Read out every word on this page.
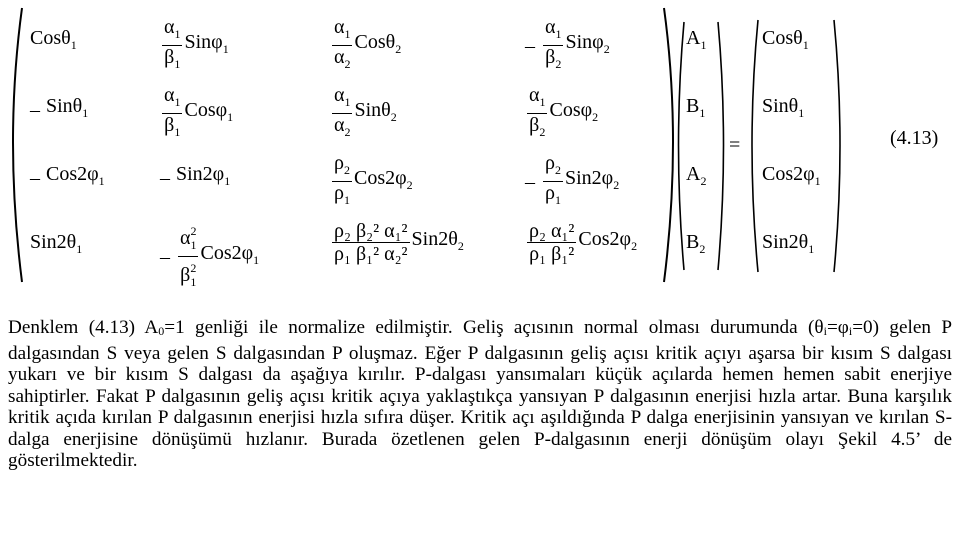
Cosθ$_1$	$\frac{\alpha_1}{\beta_1} Sin\varphi_1$	$\frac{\alpha_1}{\alpha_2} Cos\theta_2$	– $\frac{\alpha_1}{\beta_2} Sin\varphi_2$
– Sinθ$_1$	$\frac{\alpha_1}{\beta_1} Cos\varphi_1$	$\frac{\alpha_1}{\alpha_2} Sin\theta_2$	$\frac{\alpha_1}{\beta_2} Cos\varphi_2$
– $Cos2\varphi_1$	– $Sin2\varphi_1$	$\frac{\rho_2}{\rho_1} Cos2\varphi_2$	– $\frac{\rho_2}{\rho_1} Sin2\varphi_2$
$Sin2\theta_1$	– $\frac{\alpha^2_1}{\beta^2_1} Cos2\varphi_1$	$\frac{\text{ρ₂ β₂² α₁²}}{\text{ρ₁ β₁² α₂²}} Sin2\theta_2$	$\frac{\text{ρ₂ α₁²}}{\text{ρ₁ β₁²}} Cos2\varphi_2$
$A_1$
$B_1$
$A_2$
$B_2$
Cosθ$_1$
Sinθ$_1$
$Cos2\varphi_1$
$Sin2\theta_1$
=	(4.13)
Denklem (4.13) A0=1 genliği ile normalize edilmiştir. Geliş açısının normal olması durumunda (θi=φi=0) gelen P dalgasından S veya gelen S dalgasından P oluşmaz. Eğer P dalgasının geliş açısı kritik açıyı aşarsa bir kısım S dalgası yukarı ve bir kısım S dalgası da aşağıya kırılır. P-dalgası yansımaları küçük açılarda hemen hemen sabit enerjiye sahiptirler. Fakat P dalgasının geliş açısı kritik açıya yaklaştıkça yansıyan P dalgasının enerjisi hızla artar. Buna karşılık kritik açıda kırılan P dalgasının enerjisi hızla sıfıra düşer. Kritik açı aşıldığında P dalga enerjisinin yansıyan ve kırılan S-dalga enerjisine dönüşümü hızlanır. Burada özetlenen gelen P-dalgasının enerji dönüşüm olayı Şekil 4.5’ de gösterilmektedir.
